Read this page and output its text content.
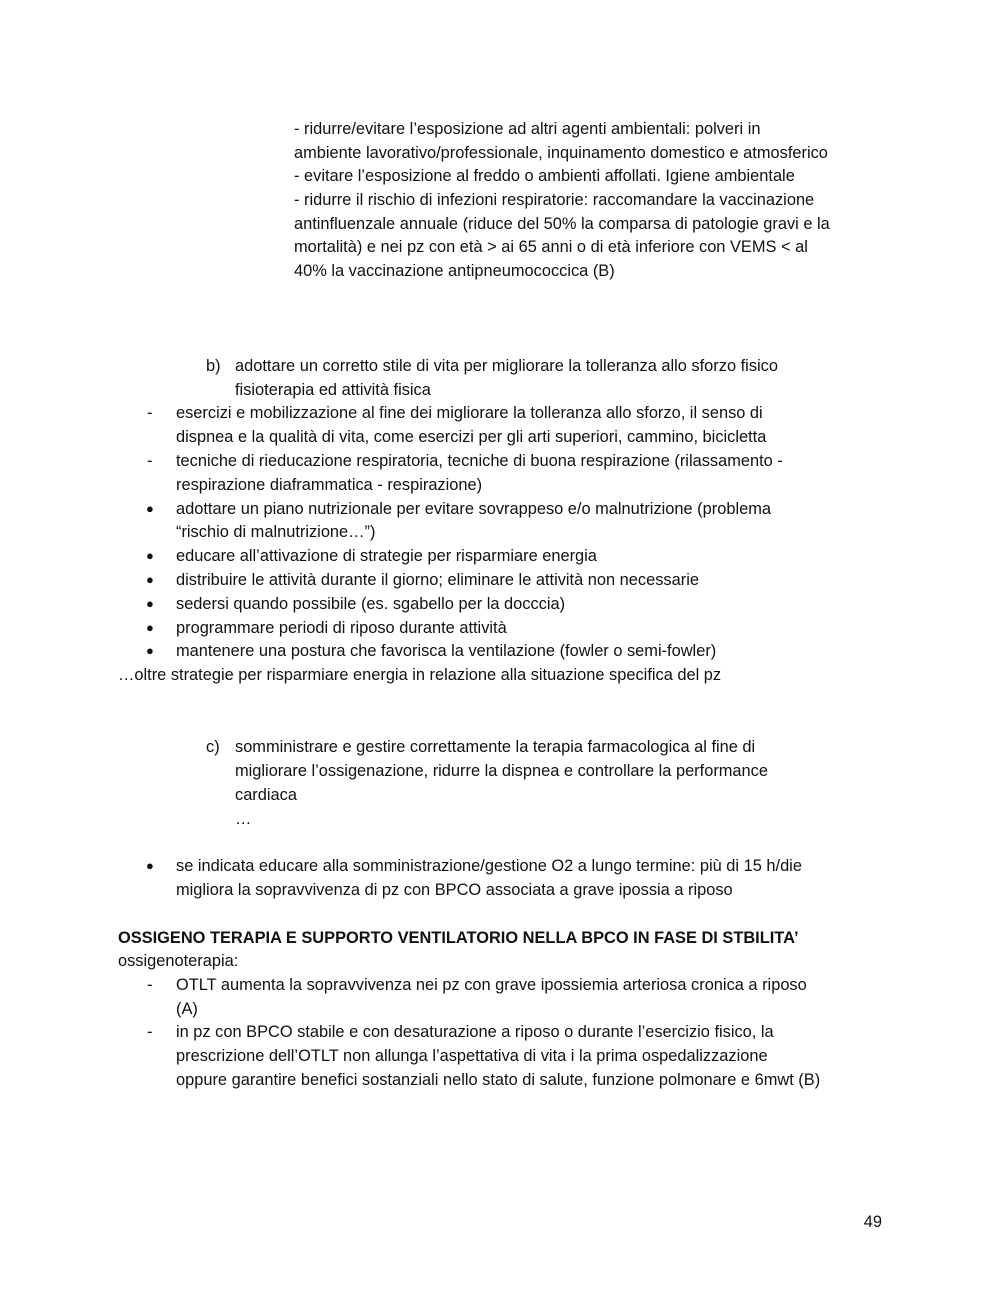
- ridurre/evitare l’esposizione ad altri agenti ambientali: polveri in
ambiente lavorativo/professionale, inquinamento domestico e atmosferico
- evitare l’esposizione al freddo o ambienti affollati. Igiene ambientale
- ridurre il rischio di infezioni respiratorie: raccomandare la vaccinazione
antinfluenzale annuale (riduce del 50% la comparsa di patologie gravi e la
mortalità) e nei pz con età > ai 65 anni o di età inferiore con VEMS < al
40% la vaccinazione antipneumococcica (B)
b) adottare un corretto stile di vita per migliorare la tolleranza allo sforzo fisico
fisioterapia ed attività fisica
- esercizi e mobilizzazione al fine dei migliorare la tolleranza allo sforzo, il senso di
dispnea e la qualità di vita, come esercizi per gli arti superiori, cammino, bicicletta
- tecniche di rieducazione respiratoria, tecniche di buona respirazione (rilassamento -
respirazione diaframmatica - respirazione)
● adottare un piano nutrizionale per evitare sovrappeso e/o malnutrizione (problema
“rischio di malnutrizione…”)
● educare all’attivazione di strategie per risparmiare energia
● distribuire le attività durante il giorno; eliminare le attività non necessarie
● sedersi quando possibile (es. sgabello per la docccia)
● programmare periodi di riposo durante attività
● mantenere una postura che favorisca la ventilazione (fowler o semi-fowler)
…oltre strategie per risparmiare energia in relazione alla situazione specifica del pz
c) somministrare e gestire correttamente la terapia farmacologica al fine di
migliorare l’ossigenazione, ridurre la dispnea e controllare la performance
cardiaca
…
● se indicata educare alla somministrazione/gestione O2 a lungo termine: più di 15 h/die
migliora la sopravvivenza di pz con BPCO associata a grave ipossia a riposo
OSSIGENO TERAPIA E SUPPORTO VENTILATORIO NELLA BPCO IN FASE DI STBILITA’
ossigenoterapia:
- OTLT aumenta la sopravvivenza nei pz con grave ipossiemia arteriosa cronica a riposo
(A)
- in pz con BPCO stabile e con desaturazione a riposo o durante l’esercizio fisico, la
prescrizione dell’OTLT non allunga l’aspettativa di vita i la prima ospedalizzazione
oppure garantire benefici sostanziali nello stato di salute, funzione polmonare e 6mwt (B)
49
